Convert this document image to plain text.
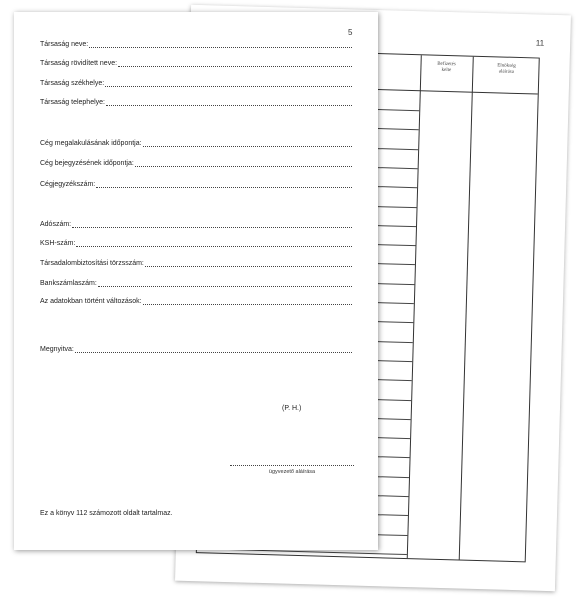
11
Befizetés
kelte
Elnökség
aláírása
5
Társaság neve:
Társaság rövidített neve:
Társaság székhelye:
Társaság telephelye:
Cég megalakulásának időpontja:
Cég bejegyzésének időpontja:
Cégjegyzékszám:
Adószám:
KSH-szám:
Társadalombiztosítási törzsszám:
Bankszámlaszám:
Az adatokban történt változások:
Megnyitva:
(P. H.)
ügyvezető aláírása
Ez a könyv 112 számozott oldalt tartalmaz.
